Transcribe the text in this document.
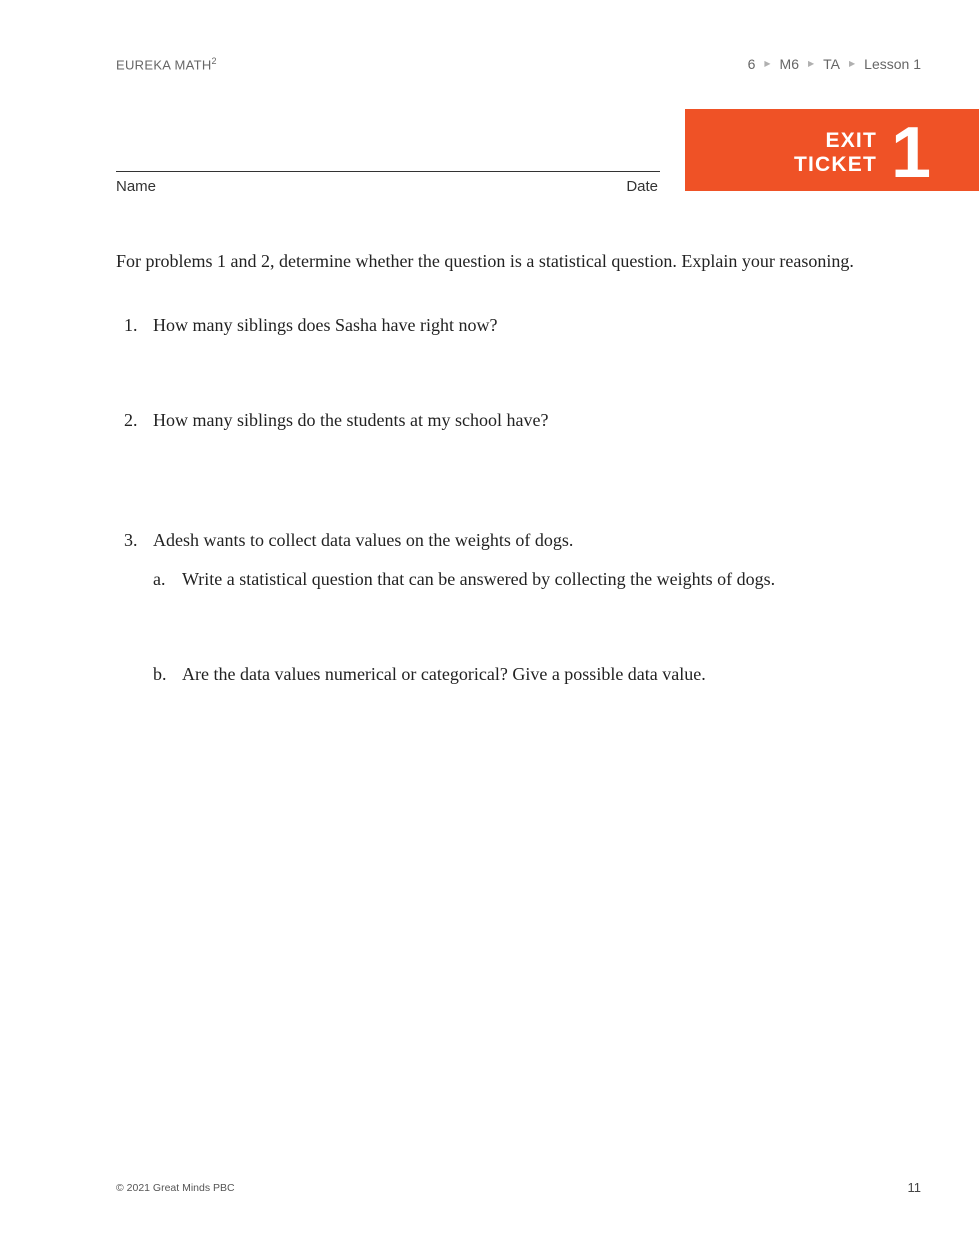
EUREKA MATH$^2$	6 ▶ M6 ▶ TA ▶ Lesson 1
EXIT
TICKET 1
Name	Date
For problems 1 and 2, determine whether the question is a statistical question. Explain your reasoning.
1. How many siblings does Sasha have right now?
2. How many siblings do the students at my school have?
3. Adesh wants to collect data values on the weights of dogs.
a. Write a statistical question that can be answered by collecting the weights of dogs.
b. Are the data values numerical or categorical? Give a possible data value.
© 2021 Great Minds PBC	11
